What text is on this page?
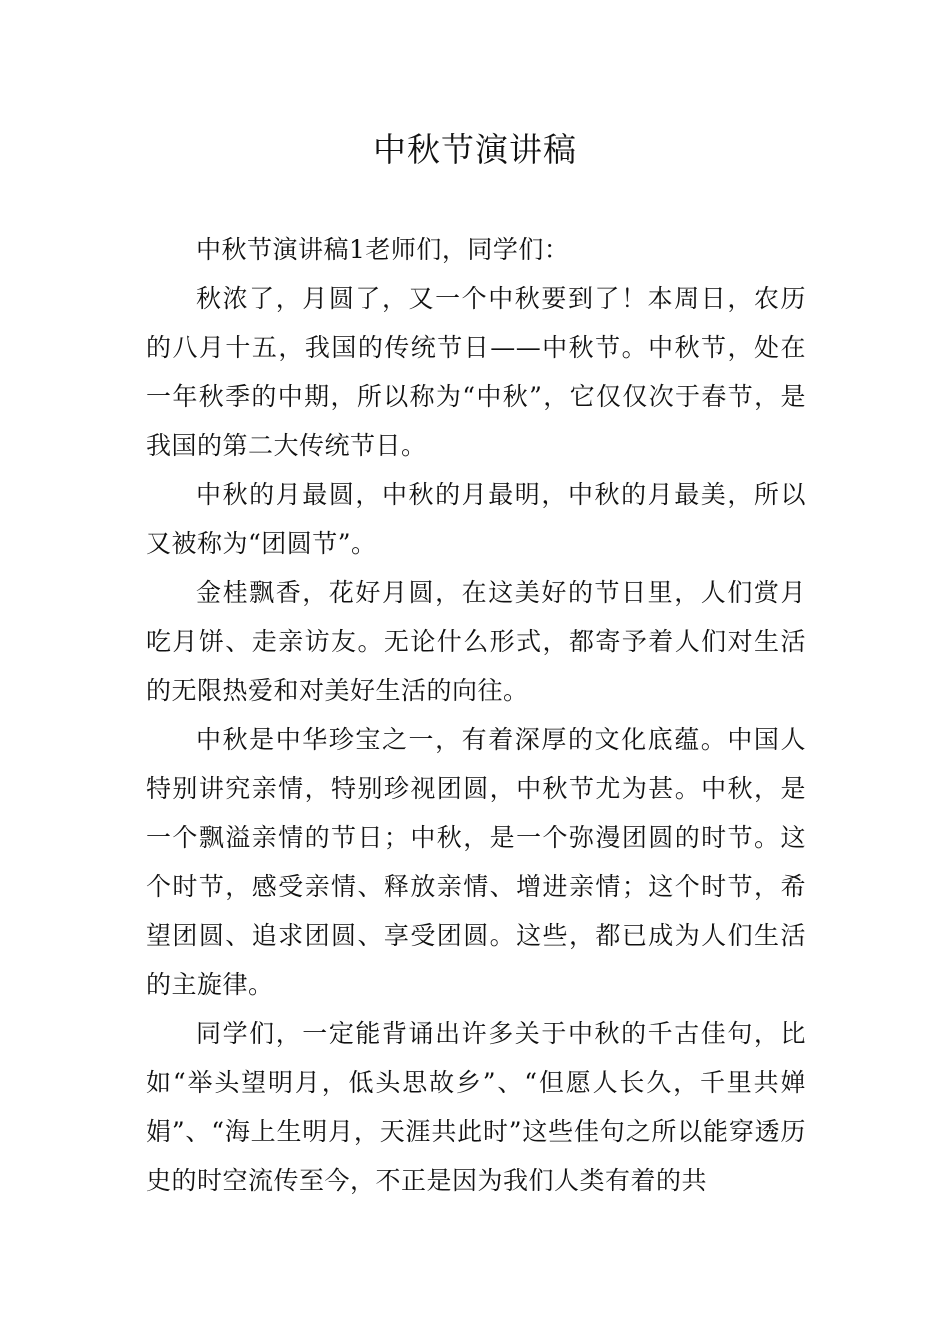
中秋节演讲稿

中秋节演讲稿1老师们，同学们：

秋浓了，月圆了，又一个中秋要到了！本周日，农历的八月十五，我国的传统节日——中秋节。中秋节，处在一年秋季的中期，所以称为“中秋”，它仅仅次于春节，是我国的第二大传统节日。

中秋的月最圆，中秋的月最明，中秋的月最美，所以又被称为“团圆节”。

金桂飘香，花好月圆，在这美好的节日里，人们赏月吃月饼、走亲访友。无论什么形式，都寄予着人们对生活的无限热爱和对美好生活的向往。

中秋是中华珍宝之一，有着深厚的文化底蕴。中国人特别讲究亲情，特别珍视团圆，中秋节尤为甚。中秋，是一个飘溢亲情的节日；中秋，是一个弥漫团圆的时节。这个时节，感受亲情、释放亲情、增进亲情；这个时节，希望团圆、追求团圆、享受团圆。这些，都已成为人们生活的主旋律。

同学们，一定能背诵出许多关于中秋的千古佳句，比如“举头望明月，低头思故乡”、“但愿人长久，千里共婵娟”、“海上生明月，天涯共此时”这些佳句之所以能穿透历史的时空流传至今，不正是因为我们人类有着的共
